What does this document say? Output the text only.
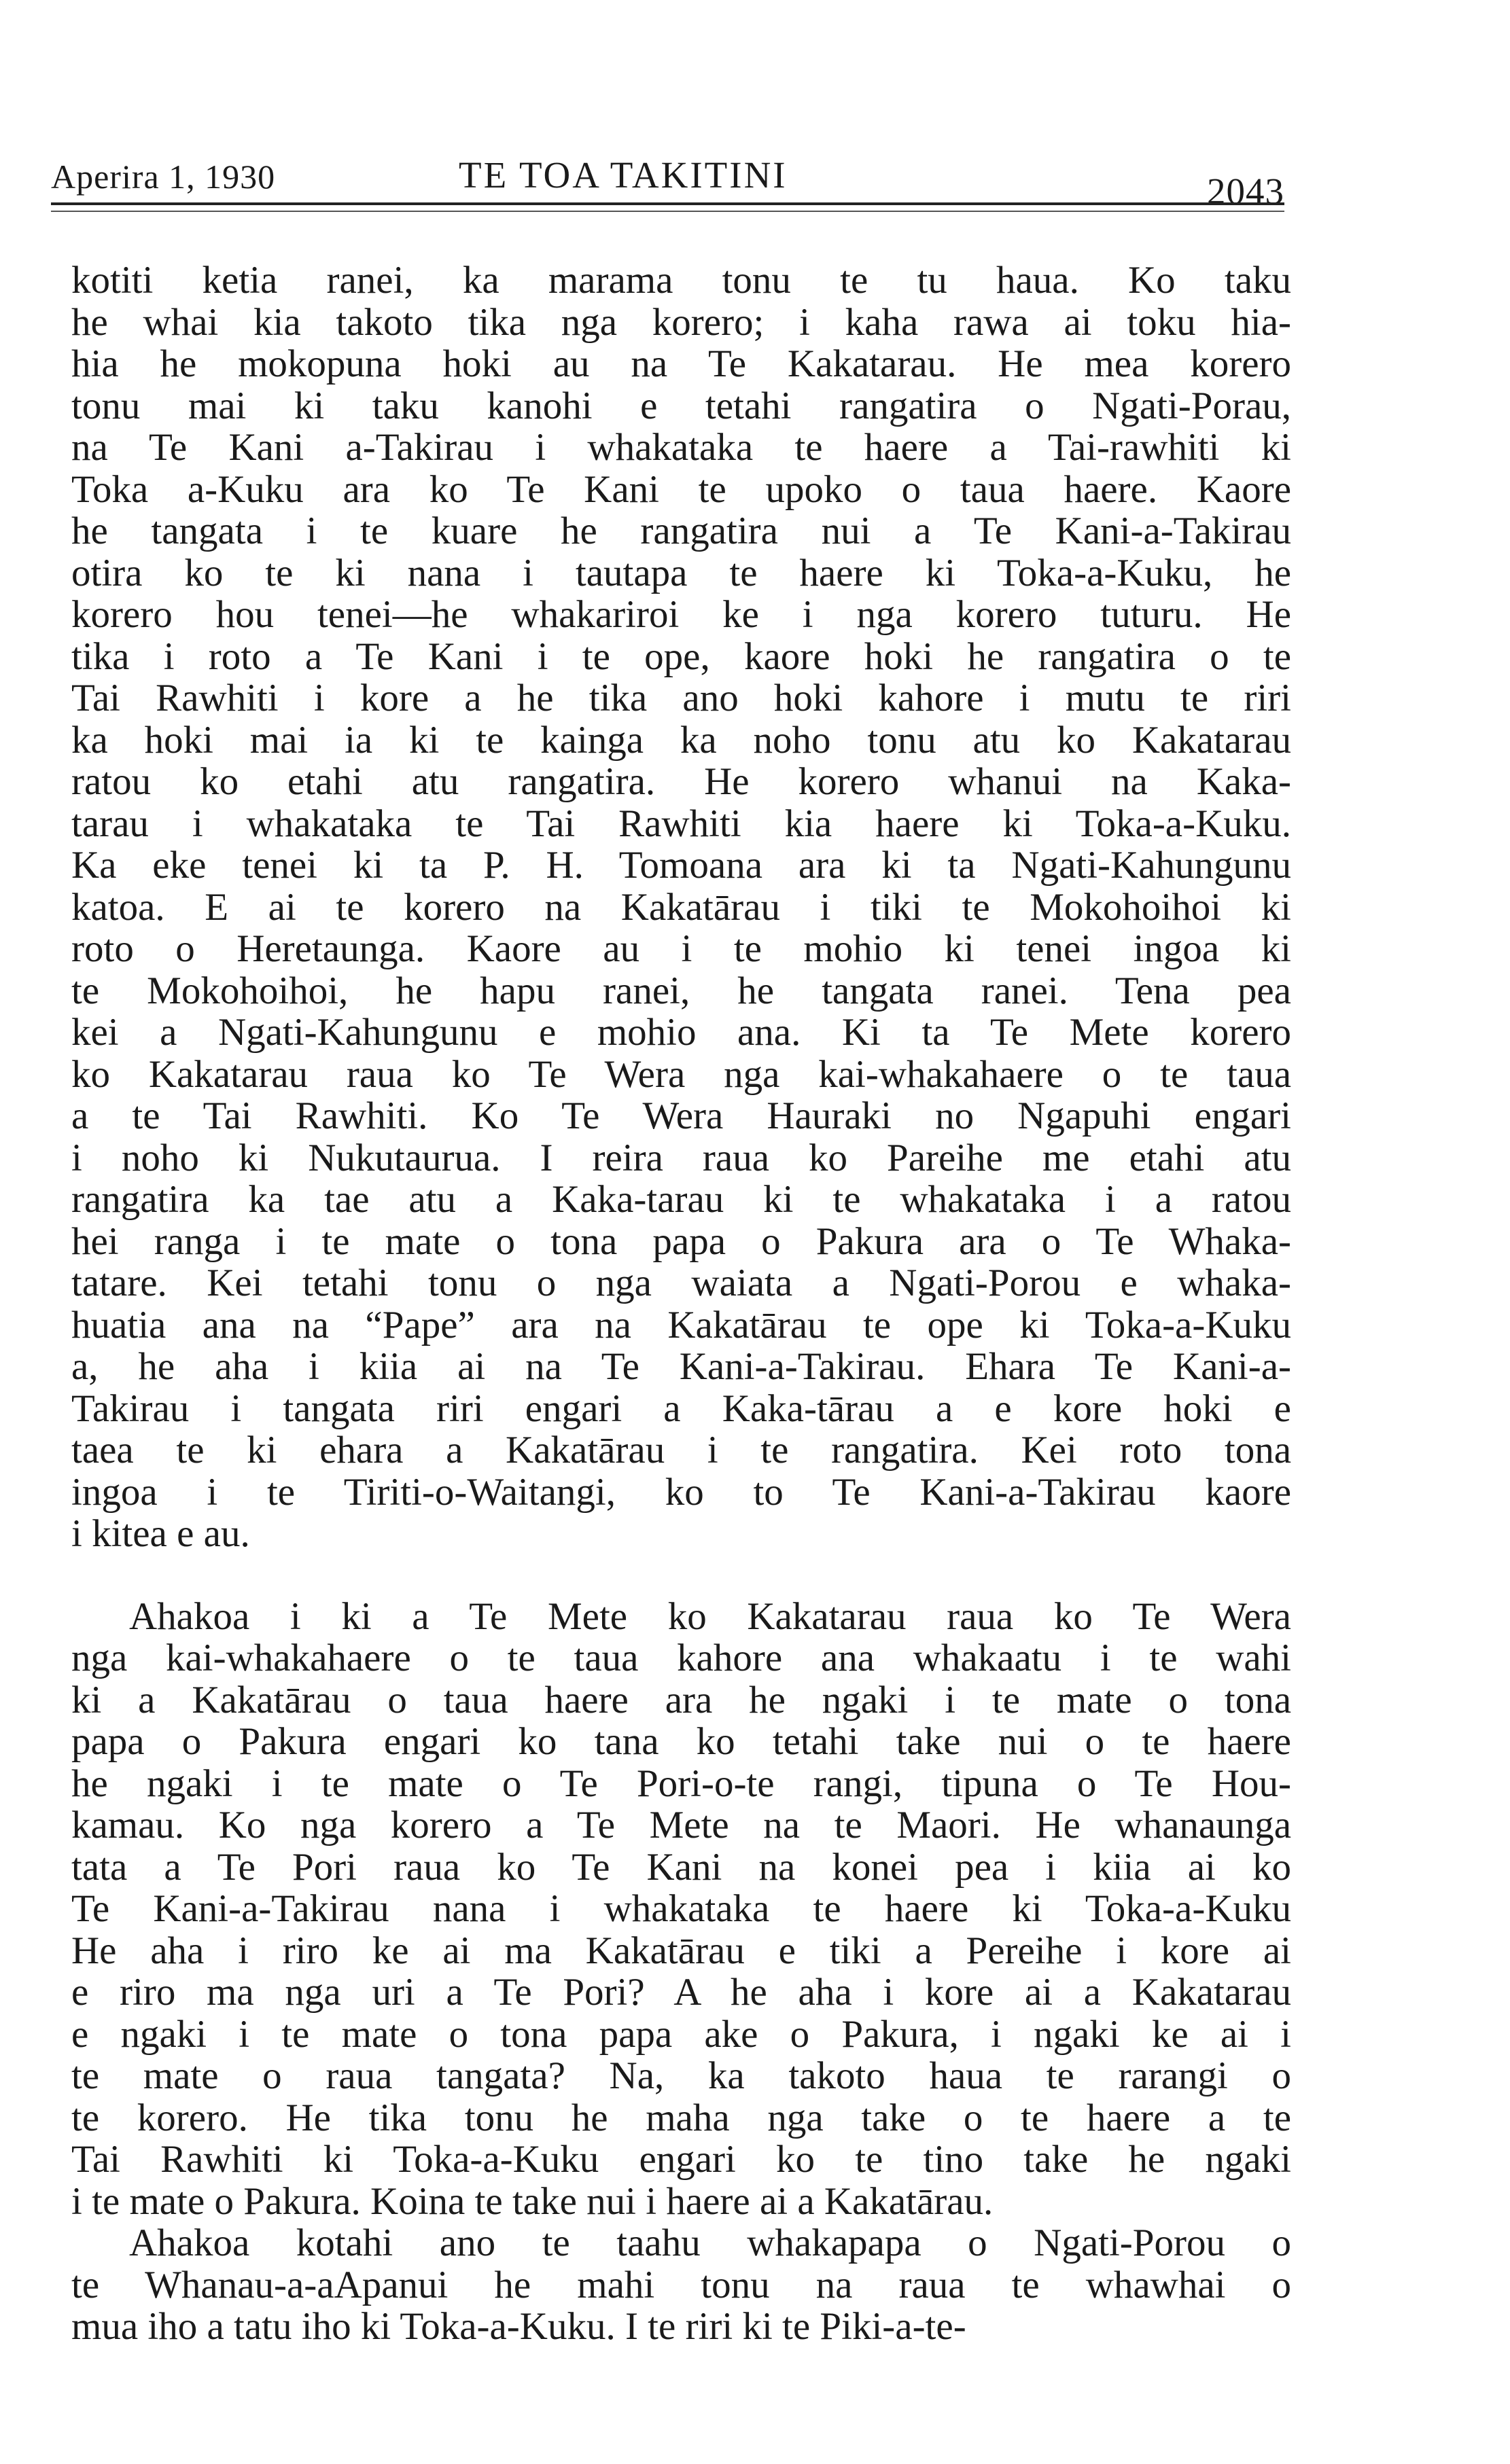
Aperira 1, 1930	TE TOA TAKITINI	2043
kotiti ketia ranei, ka marama tonu te tu haua. Ko taku
he whai kia takoto tika nga korero; i kaha rawa ai toku hia-
hia he mokopuna hoki au na Te Kakatarau. He mea korero
tonu mai ki taku kanohi e tetahi rangatira o Ngati-Porau,
na Te Kani a-Takirau i whakataka te haere a Tai-rawhiti ki
Toka a-Kuku ara ko Te Kani te upoko o taua haere. Kaore
he tangata i te kuare he rangatira nui a Te Kani-a-Takirau
otira ko te ki nana i tautapa te haere ki Toka-a-Kuku, he
korero hou tenei—he whakariroi ke i nga korero tuturu. He
tika i roto a Te Kani i te ope, kaore hoki he rangatira o te
Tai Rawhiti i kore a he tika ano hoki kahore i mutu te riri
ka hoki mai ia ki te kainga ka noho tonu atu ko Kakatarau
ratou ko etahi atu rangatira. He korero whanui na Kaka-
tarau i whakataka te Tai Rawhiti kia haere ki Toka-a-Kuku.
Ka eke tenei ki ta P. H. Tomoana ara ki ta Ngati-Kahungunu
katoa. E ai te korero na Kakatārau i tiki te Mokohoihoi ki
roto o Heretaunga. Kaore au i te mohio ki tenei ingoa ki
te Mokohoihoi, he hapu ranei, he tangata ranei. Tena pea
kei a Ngati-Kahungunu e mohio ana. Ki ta Te Mete korero
ko Kakatarau raua ko Te Wera nga kai-whakahaere o te taua
a te Tai Rawhiti. Ko Te Wera Hauraki no Ngapuhi engari
i noho ki Nukutaurua. I reira raua ko Pareihe me etahi atu
rangatira ka tae atu a Kaka-tarau ki te whakataka i a ratou
hei ranga i te mate o tona papa o Pakura ara o Te Whaka-
tatare. Kei tetahi tonu o nga waiata a Ngati-Porou e whaka-
huatia ana na “Pape” ara na Kakatārau te ope ki Toka-a-Kuku
a, he aha i kiia ai na Te Kani-a-Takirau. Ehara Te Kani-a-
Takirau i tangata riri engari a Kaka-tārau a e kore hoki e
taea te ki ehara a Kakatārau i te rangatira. Kei roto tona
ingoa i te Tiriti-o-Waitangi, ko to Te Kani-a-Takirau kaore
i kitea e au.
Ahakoa i ki a Te Mete ko Kakatarau raua ko Te Wera
nga kai-whakahaere o te taua kahore ana whakaatu i te wahi
ki a Kakatārau o taua haere ara he ngaki i te mate o tona
papa o Pakura engari ko tana ko tetahi take nui o te haere
he ngaki i te mate o Te Pori-o-te rangi, tipuna o Te Hou-
kamau. Ko nga korero a Te Mete na te Maori. He whanaunga
tata a Te Pori raua ko Te Kani na konei pea i kiia ai ko
Te Kani-a-Takirau nana i whakataka te haere ki Toka-a-Kuku
He aha i riro ke ai ma Kakatārau e tiki a Pereihe i kore ai
e riro ma nga uri a Te Pori? A he aha i kore ai a Kakatarau
e ngaki i te mate o tona papa ake o Pakura, i ngaki ke ai i
te mate o raua tangata? Na, ka takoto haua te rarangi o
te korero. He tika tonu he maha nga take o te haere a te
Tai Rawhiti ki Toka-a-Kuku engari ko te tino take he ngaki
i te mate o Pakura. Koina te take nui i haere ai a Kakatārau.
Ahakoa kotahi ano te taahu whakapapa o Ngati-Porou o
te Whanau-a-aApanui he mahi tonu na raua te whawhai o
mua iho a tatu iho ki Toka-a-Kuku. I te riri ki te Piki-a-te-
